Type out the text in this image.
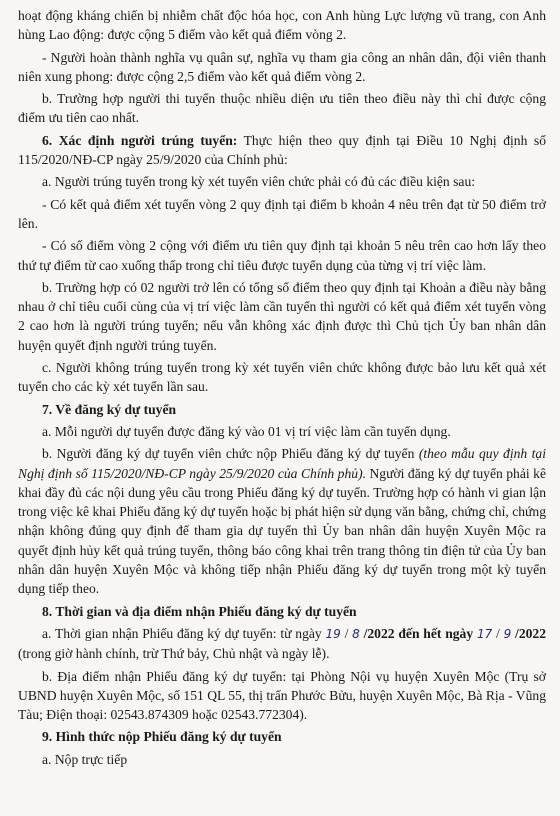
hoạt động kháng chiến bị nhiễm chất độc hóa học, con Anh hùng Lực lượng vũ trang, con Anh hùng Lao động: được cộng 5 điểm vào kết quả điểm vòng 2.

- Người hoàn thành nghĩa vụ quân sự, nghĩa vụ tham gia công an nhân dân, đội viên thanh niên xung phong: được cộng 2,5 điểm vào kết quả điểm vòng 2.

b. Trường hợp người thi tuyển thuộc nhiều diện ưu tiên theo điều này thì chỉ được cộng điểm ưu tiên cao nhất.

6. Xác định người trúng tuyển: Thực hiện theo quy định tại Điều 10 Nghị định số 115/2020/NĐ-CP ngày 25/9/2020 của Chính phủ:

a. Người trúng tuyển trong kỳ xét tuyển viên chức phải có đủ các điều kiện sau:

- Có kết quả điểm xét tuyển vòng 2 quy định tại điểm b khoản 4 nêu trên đạt từ 50 điểm trở lên.

- Có số điểm vòng 2 cộng với điểm ưu tiên quy định tại khoản 5 nêu trên cao hơn lấy theo thứ tự điểm từ cao xuống thấp trong chỉ tiêu được tuyển dụng của từng vị trí việc làm.

b. Trường hợp có 02 người trở lên có tổng số điểm theo quy định tại Khoản a điều này bằng nhau ở chỉ tiêu cuối cùng của vị trí việc làm cần tuyển thì người có kết quả điểm xét tuyển vòng 2 cao hơn là người trúng tuyển; nếu vẫn không xác định được thì Chủ tịch Ủy ban nhân dân huyện quyết định người trúng tuyển.

c. Người không trúng tuyển trong kỳ xét tuyển viên chức không được bảo lưu kết quả xét tuyển cho các kỳ xét tuyển lần sau.

7. Về đăng ký dự tuyển

a. Mỗi người dự tuyển được đăng ký vào 01 vị trí việc làm cần tuyển dụng.

b. Người đăng ký dự tuyển viên chức nộp Phiếu đăng ký dự tuyển (theo mẫu quy định tại Nghị định số 115/2020/NĐ-CP ngày 25/9/2020 của Chính phủ). Người đăng ký dự tuyển phải kê khai đầy đủ các nội dung yêu cầu trong Phiếu đăng ký dự tuyển. Trường hợp có hành vi gian lận trong việc kê khai Phiếu đăng ký dự tuyển hoặc bị phát hiện sử dụng văn bằng, chứng chỉ, chứng nhận không đúng quy định để tham gia dự tuyển thì Ủy ban nhân dân huyện Xuyên Mộc ra quyết định hủy kết quả trúng tuyển, thông báo công khai trên trang thông tin điện tử của Ủy ban nhân dân huyện Xuyên Mộc và không tiếp nhận Phiếu đăng ký dự tuyển trong một kỳ tuyển dụng tiếp theo.

8. Thời gian và địa điểm nhận Phiếu đăng ký dự tuyển

a. Thời gian nhận Phiếu đăng ký dự tuyển: từ ngày 19 / 8 /2022 đến hết ngày 17 / 9 /2022 (trong giờ hành chính, trừ Thứ bảy, Chủ nhật và ngày lễ).

b. Địa điểm nhận Phiếu đăng ký dự tuyển: tại Phòng Nội vụ huyện Xuyên Mộc (Trụ sở UBND huyện Xuyên Mộc, số 151 QL 55, thị trấn Phước Bửu, huyện Xuyên Mộc, Bà Rịa - Vũng Tàu; Điện thoại: 02543.874309 hoặc 02543.772304).

9. Hình thức nộp Phiếu đăng ký dự tuyển

a. Nộp trực tiếp
